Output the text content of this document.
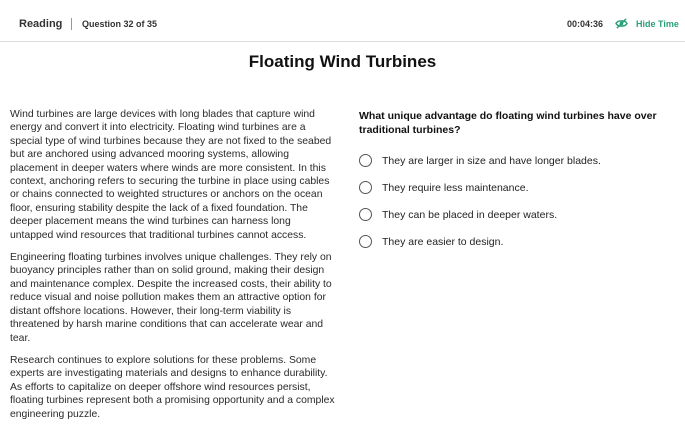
Reading Question 32 of 35	00:04:36	Hide Time
Floating Wind Turbines

Wind turbines are large devices with long blades that capture wind energy and convert it into electricity. Floating wind turbines are a special type of wind turbines because they are not fixed to the seabed but are anchored using advanced mooring systems, allowing placement in deeper waters where winds are more consistent. In this context, anchoring refers to securing the turbine in place using cables or chains connected to weighted structures or anchors on the ocean floor, ensuring stability despite the lack of a fixed foundation. The deeper placement means the wind turbines can harness long untapped wind resources that traditional turbines cannot access.

Engineering floating turbines involves unique challenges. They rely on buoyancy principles rather than on solid ground, making their design and maintenance complex. Despite the increased costs, their ability to reduce visual and noise pollution makes them an attractive option for distant offshore locations. However, their long-term viability is threatened by harsh marine conditions that can accelerate wear and tear.

Research continues to explore solutions for these problems. Some experts are investigating materials and designs to enhance durability. As efforts to capitalize on deeper offshore wind resources persist, floating turbines represent both a promising opportunity and a complex engineering puzzle.

What unique advantage do floating wind turbines have over traditional turbines?
They are larger in size and have longer blades.
They require less maintenance.
They can be placed in deeper waters.
They are easier to design.
